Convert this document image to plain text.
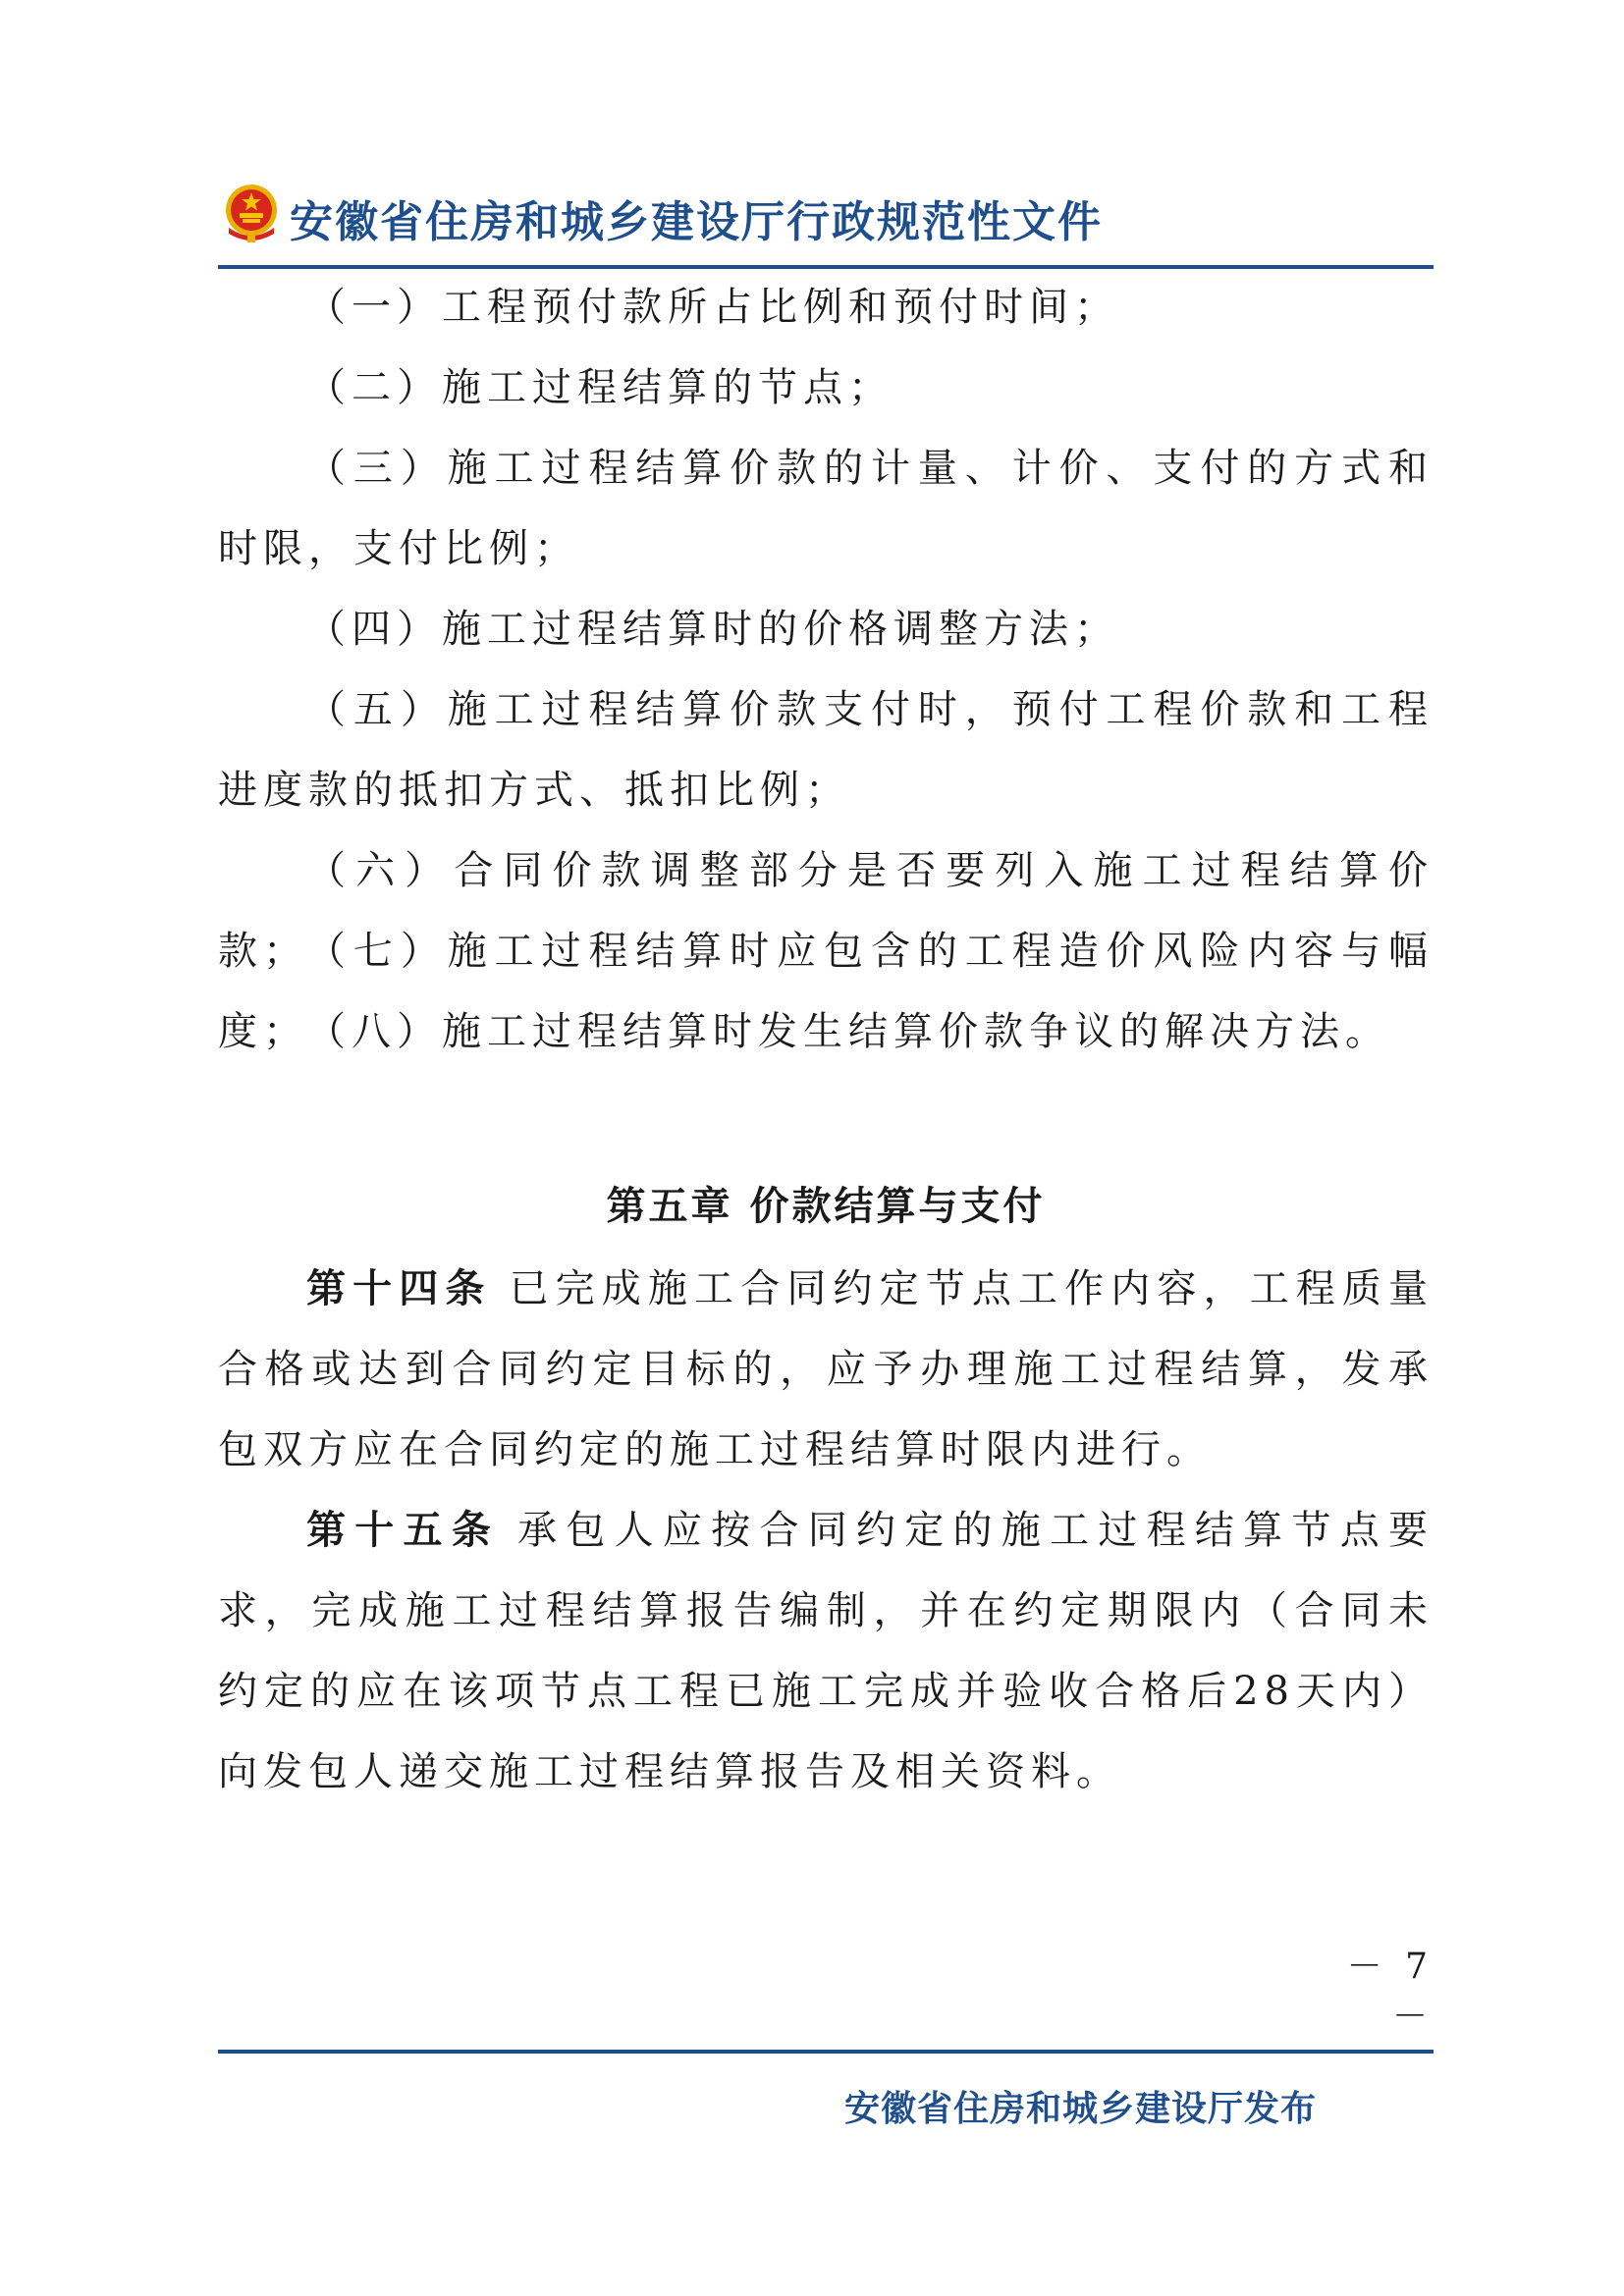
安徽省住房和城乡建设厅行政规范性文件

（一）工程预付款所占比例和预付时间；

（二）施工过程结算的节点；

（三）施工过程结算价款的计量、计价、支付的方式和时限，支付比例；

（四）施工过程结算时的价格调整方法；

（五）施工过程结算价款支付时，预付工程价款和工程进度款的抵扣方式、抵扣比例；

（六）合同价款调整部分是否要列入施工过程结算价款；

（七）施工过程结算时应包含的工程造价风险内容与幅度；

（八）施工过程结算时发生结算价款争议的解决方法。

第五章 价款结算与支付

第十四条 已完成施工合同约定节点工作内容，工程质量合格或达到合同约定目标的，应予办理施工过程结算，发承包双方应在合同约定的施工过程结算时限内进行。

第十五条 承包人应按合同约定的施工过程结算节点要求，完成施工过程结算报告编制，并在约定期限内（合同未约定的应在该项节点工程已施工完成并验收合格后28天内）向发包人递交施工过程结算报告及相关资料。

－ 7 －
安徽省住房和城乡建设厅发布
